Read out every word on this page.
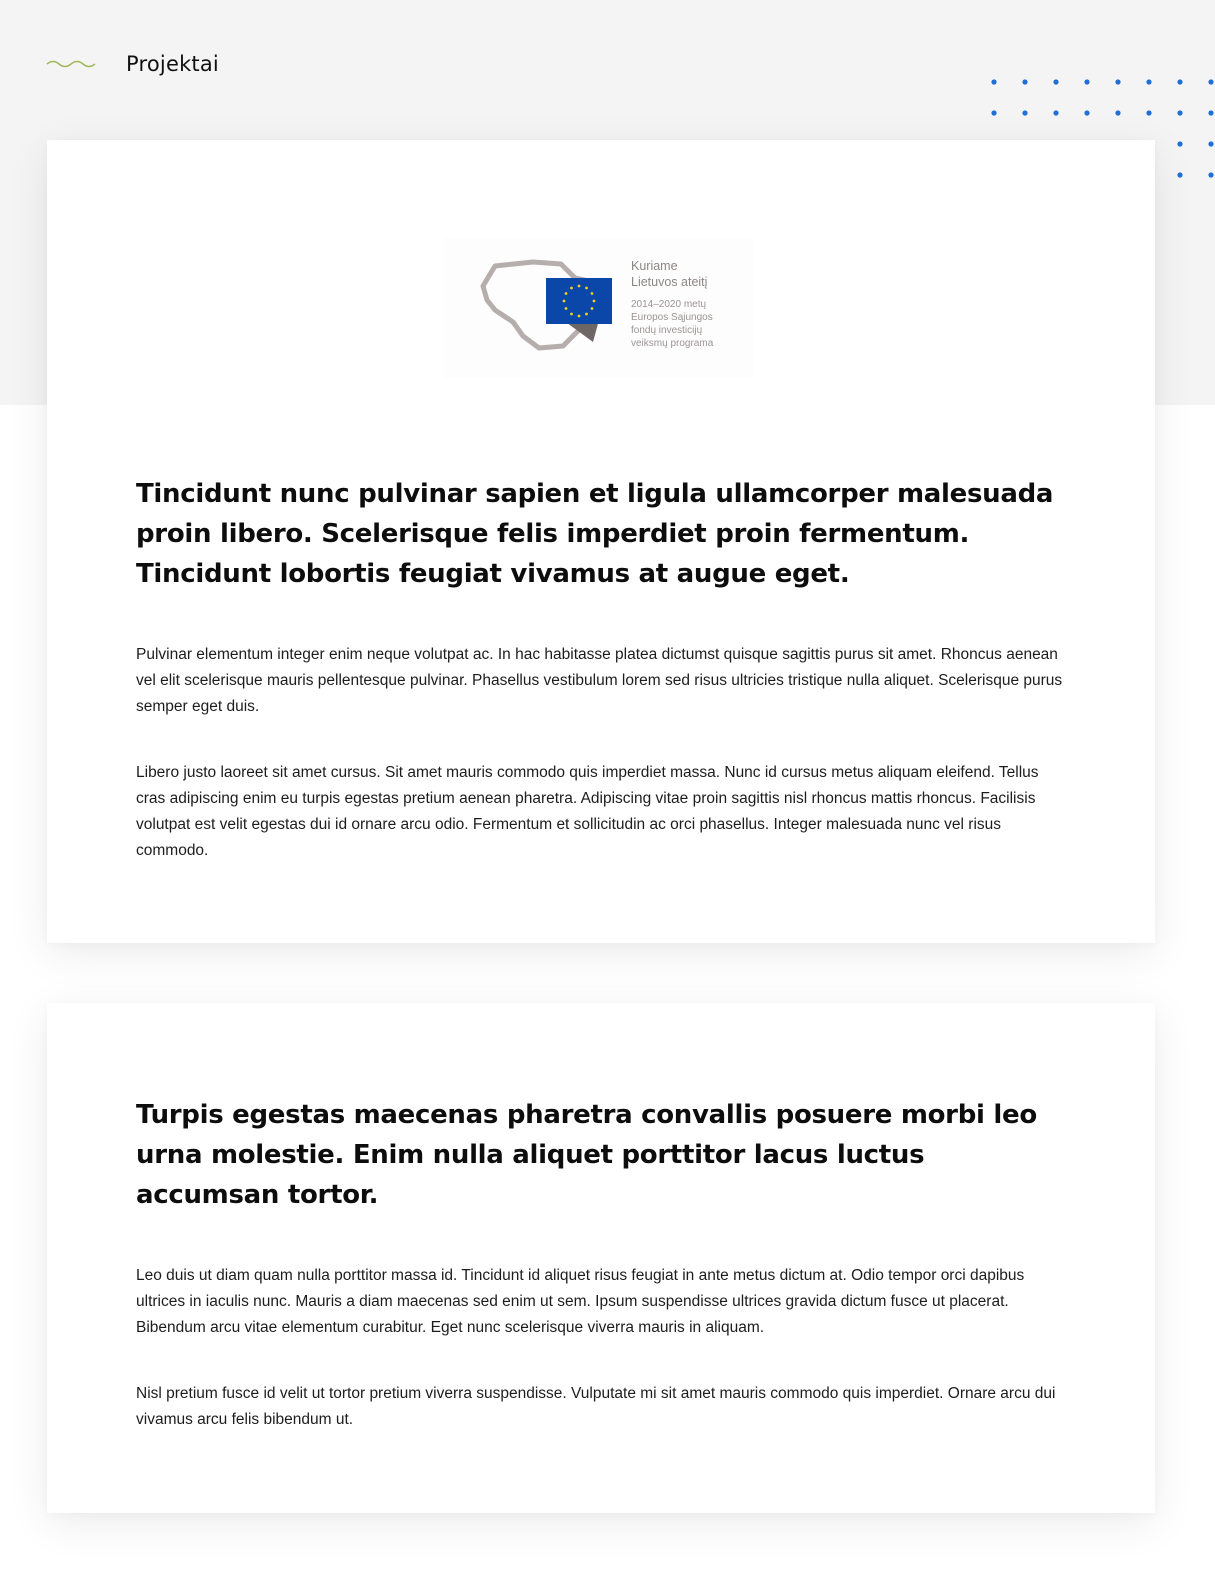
Projektai
Kuriame
Lietuvos ateitį
2014–2020 metų
Europos Sąjungos
fondų investicijų
veiksmų programa
Tincidunt nunc pulvinar sapien et ligula ullamcorper malesuada proin libero. Scelerisque felis imperdiet proin fermentum. Tincidunt lobortis feugiat vivamus at augue eget.

Pulvinar elementum integer enim neque volutpat ac. In hac habitasse platea dictumst quisque sagittis purus sit amet. Rhoncus aenean vel elit scelerisque mauris pellentesque pulvinar. Phasellus vestibulum lorem sed risus ultricies tristique nulla aliquet. Scelerisque purus semper eget duis.

Libero justo laoreet sit amet cursus. Sit amet mauris commodo quis imperdiet massa. Nunc id cursus metus aliquam eleifend. Tellus cras adipiscing enim eu turpis egestas pretium aenean pharetra. Adipiscing vitae proin sagittis nisl rhoncus mattis rhoncus. Facilisis volutpat est velit egestas dui id ornare arcu odio. Fermentum et sollicitudin ac orci phasellus. Integer malesuada nunc vel risus commodo.

Turpis egestas maecenas pharetra convallis posuere morbi leo urna molestie. Enim nulla aliquet porttitor lacus luctus accumsan tortor.

Leo duis ut diam quam nulla porttitor massa id. Tincidunt id aliquet risus feugiat in ante metus dictum at. Odio tempor orci dapibus ultrices in iaculis nunc. Mauris a diam maecenas sed enim ut sem. Ipsum suspendisse ultrices gravida dictum fusce ut placerat. Bibendum arcu vitae elementum curabitur. Eget nunc scelerisque viverra mauris in aliquam.

Nisl pretium fusce id velit ut tortor pretium viverra suspendisse. Vulputate mi sit amet mauris commodo quis imperdiet. Ornare arcu dui vivamus arcu felis bibendum ut.
